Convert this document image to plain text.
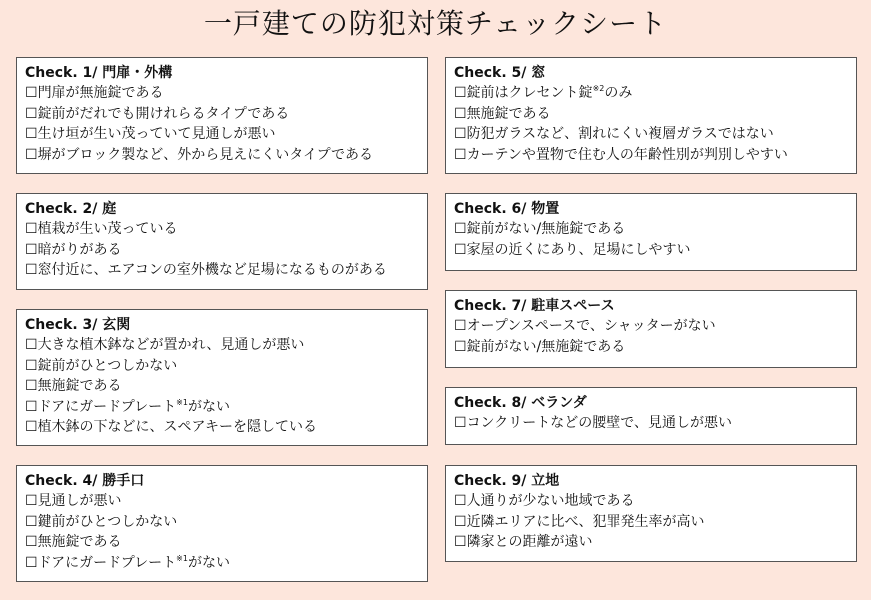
一戸建ての防犯対策チェックシート
Check. 1/ 門扉・外構
☐門扉が無施錠である
☐錠前がだれでも開けれらるタイプである
☐生け垣が生い茂っていて見通しが悪い
☐塀がブロック製など、外から見えにくいタイプである
Check. 2/ 庭
☐植栽が生い茂っている
☐暗がりがある
☐窓付近に、エアコンの室外機など足場になるものがある
Check. 3/ 玄関
☐大きな植木鉢などが置かれ、見通しが悪い
☐錠前がひとつしかない
☐無施錠である
☐ドアにガードプレート$^{※1}$がない
☐植木鉢の下などに、スペアキーを隠している
Check. 4/ 勝手口
☐見通しが悪い
☐鍵前がひとつしかない
☐無施錠である
☐ドアにガードプレート$^{※1}$がない
Check. 5/ 窓
☐錠前はクレセント錠$^{※2}$のみ
☐無施錠である
☐防犯ガラスなど、割れにくい複層ガラスではない
☐カーテンや置物で住む人の年齢性別が判別しやすい
Check. 6/ 物置
☐錠前がない/無施錠である
☐家屋の近くにあり、足場にしやすい
Check. 7/ 駐車スペース
☐オープンスペースで、シャッターがない
☐錠前がない/無施錠である
Check. 8/ ベランダ
☐コンクリートなどの腰壁で、見通しが悪い
Check. 9/ 立地
☐人通りが少ない地域である
☐近隣エリアに比べ、犯罪発生率が高い
☐隣家との距離が遠い
